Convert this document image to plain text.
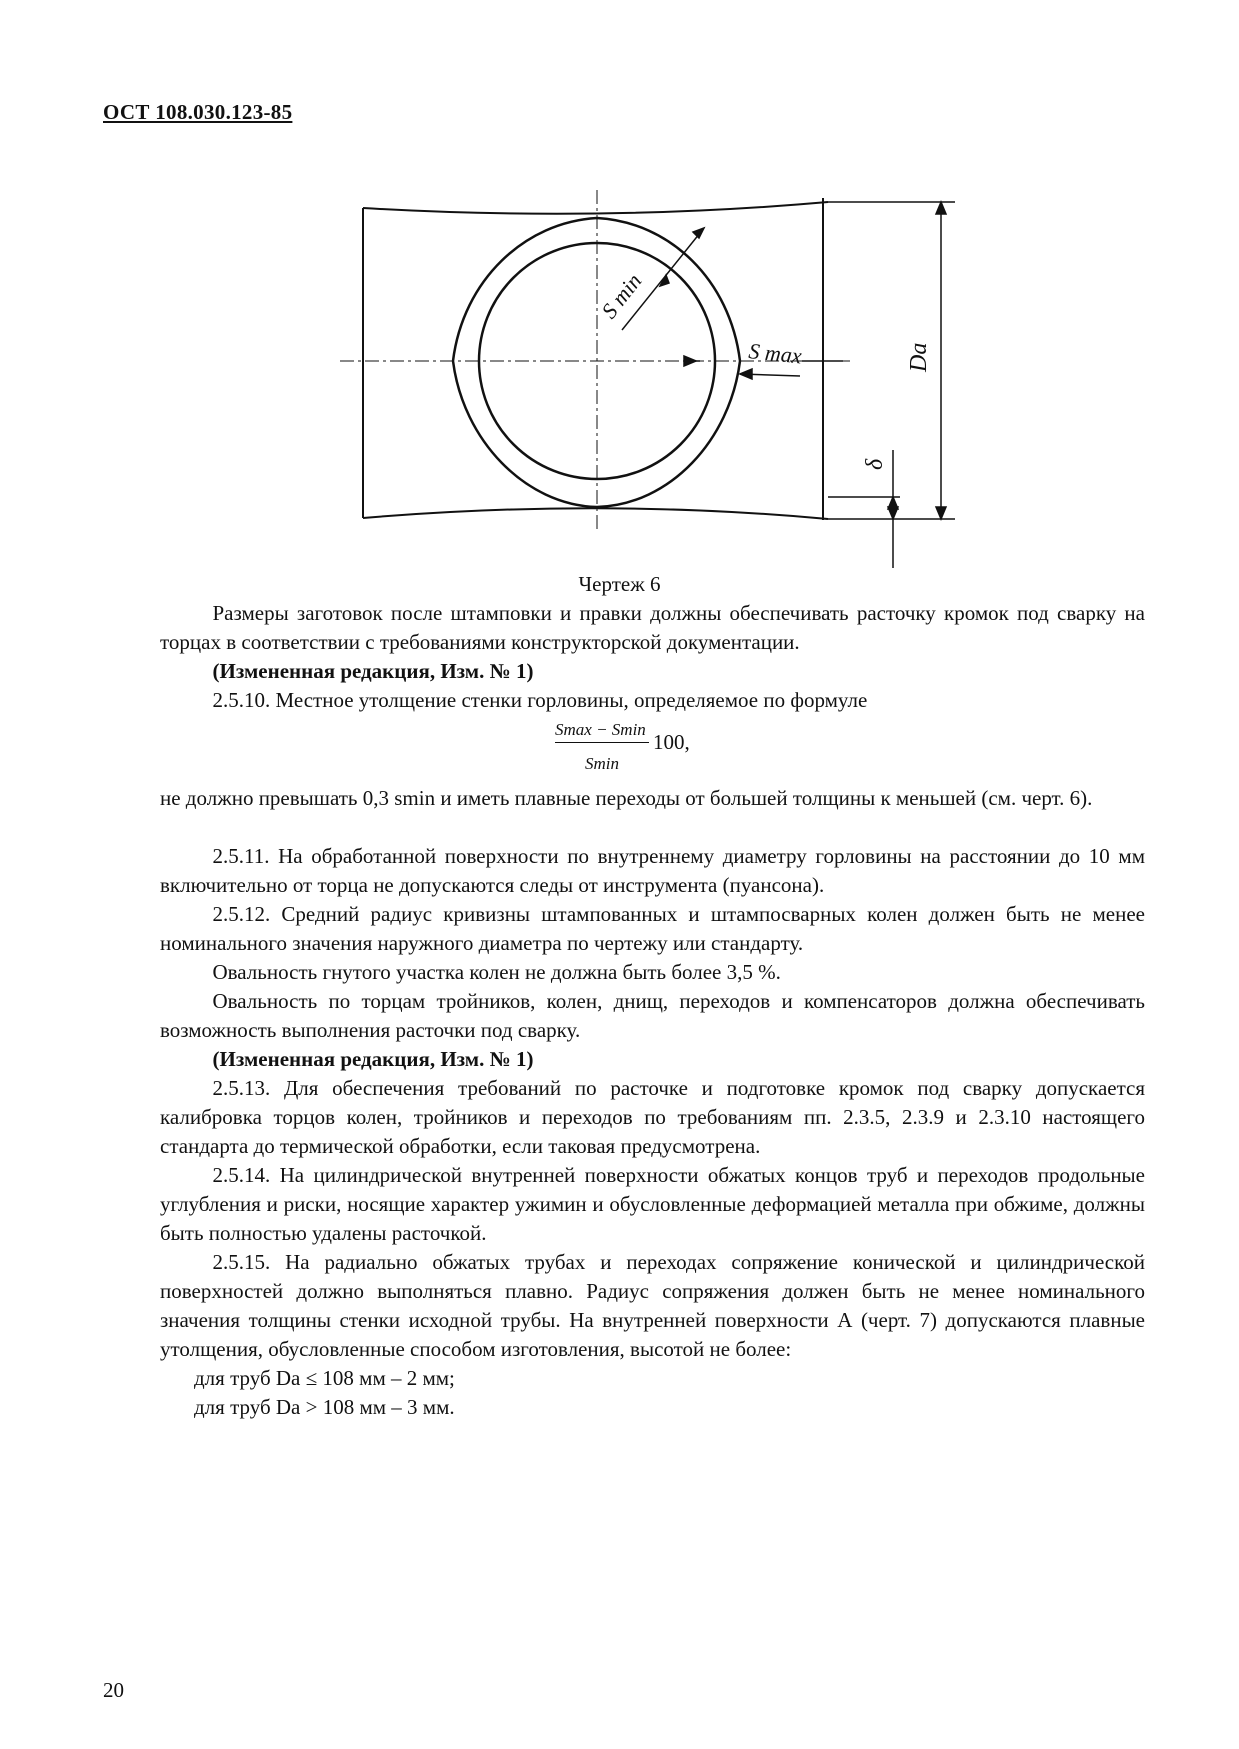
ОСТ 108.030.123-85
S min
S max	Da
δ
Чертеж 6
Размеры заготовок после штамповки и правки должны обеспечивать расточку кромок под сварку на торцах в соответствии с требованиями конструкторской документации.
(Измененная редакция, Изм. № 1)
2.5.10. Местное утолщение стенки горловины, определяемое по формуле
Smax − Smin
Smin
100,
не должно превышать 0,3 smin и иметь плавные переходы от большей толщины к меньшей (см. черт. 6).
2.5.11. На обработанной поверхности по внутреннему диаметру горловины на расстоянии до 10 мм включительно от торца не допускаются следы от инструмента (пуансона).
2.5.12. Средний радиус кривизны штампованных и штампосварных колен должен быть не менее номинального значения наружного диаметра по чертежу или стандарту.
Овальность гнутого участка колен не должна быть более 3,5 %.
Овальность по торцам тройников, колен, днищ, переходов и компенсаторов должна обеспечивать возможность выполнения расточки под сварку.
(Измененная редакция, Изм. № 1)
2.5.13. Для обеспечения требований по расточке и подготовке кромок под сварку допускается калибровка торцов колен, тройников и переходов по требованиям пп. 2.3.5, 2.3.9 и 2.3.10 настоящего стандарта до термической обработки, если таковая предусмотрена.
2.5.14. На цилиндрической внутренней поверхности обжатых концов труб и переходов продольные углубления и риски, носящие характер ужимин и обусловленные деформацией металла при обжиме, должны быть полностью удалены расточкой.
2.5.15. На радиально обжатых трубах и переходах сопряжение конической и цилиндрической поверхностей должно выполняться плавно. Радиус сопряжения должен быть не менее номинального значения толщины стенки исходной трубы. На внутренней поверхности А (черт. 7) допускаются плавные утолщения, обусловленные способом изготовления, высотой не более:
для труб Da ≤ 108 мм – 2 мм;
для труб Da > 108 мм – 3 мм.
20
